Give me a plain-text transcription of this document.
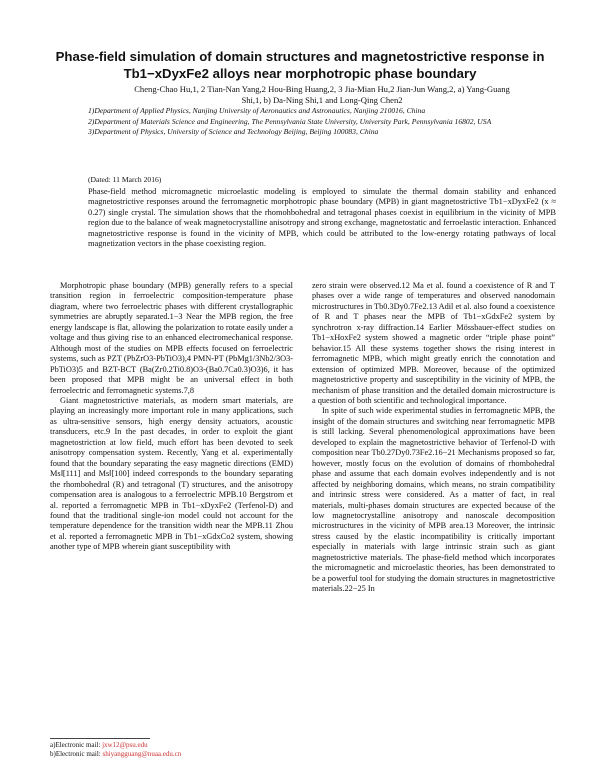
Phase-field simulation of domain structures and magnetostrictive response in
Tb1−xDyxFe2 alloys near morphotropic phase boundary
Cheng-Chao Hu,1, 2 Tian-Nan Yang,2 Hou-Bing Huang,2, 3 Jia-Mian Hu,2 Jian-Jun Wang,2, a) Yang-Guang
Shi,1, b) Da-Ning Shi,1 and Long-Qing Chen2
1)Department of Applied Physics, Nanjing University of Aeronautics and Astronautics, Nanjing 210016, China
2)Department of Materials Science and Engineering, The Pennsylvania State University, University Park, Pennsylvania 16802, USA
3)Department of Physics, University of Science and Technology Beijing, Beijing 100083, China
(Dated: 11 March 2016)
Phase-field method micromagnetic microelastic modeling is employed to simulate the thermal domain stability and enhanced magnetostrictive responses around the ferromagnetic morphotropic phase boundary (MPB) in giant magnetostrictive Tb1−xDyxFe2 (x ≈ 0.27) single crystal. The simulation shows that the rhomohbohedral and tetragonal phases coexist in equilibrium in the vicinity of MPB region due to the balance of weak magnetocrystalline anisotropy and strong exchange, magnetostatic and ferroelastic interaction. Enhanced magnetostrictive response is found in the vicinity of MPB, which could be attributed to the low-energy rotating pathways of local magnetization vectors in the phase coexisting region.

Morphotropic phase boundary (MPB) generally refers to a special transition region in ferroelectric composition-temperature phase diagram, where two ferroelectric phases with different crystallographic symmetries are abruptly separated.1−3 Near the MPB region, the free energy landscape is flat, allowing the polarization to rotate easily under a voltage and thus giving rise to an enhanced electromechanical response. Although most of the studies on MPB effects focused on ferroelectric systems, such as PZT (PbZrO3-PbTiO3),4 PMN-PT (PbMg1/3Nb2/3O3-PbTiO3)5 and BZT-BCT (Ba(Zr0.2Ti0.8)O3-(Ba0.7Ca0.3)O3)6, it has been proposed that MPB might be an universal effect in both ferroelectric and ferromagnetic systems.7,8

Giant magnetostrictive materials, as modern smart materials, are playing an increasingly more important role in many applications, such as ultra-sensitive sensors, high energy density actuators, acoustic transducers, etc.9 In the past decades, in order to exploit the giant magnetostriction at low field, much effort has been devoted to seek anisotropy compensation system. Recently, Yang et al. experimentally found that the boundary separating the easy magnetic directions (EMD) Ms‖[111] and Ms‖[100] indeed corresponds to the boundary separating the rhombohedral (R) and tetragonal (T) structures, and the anisotropy compensation area is analogous to a ferroelectric MPB.10 Bergstrom et al. reported a ferromagnetic MPB in Tb1−xDyxFe2 (Terfenol-D) and found that the traditional single-ion model could not account for the temperature dependence for the transition width near the MPB.11 Zhou et al. reported a ferromagnetic MPB in Tb1−xGdxCo2 system, showing another type of MPB wherein giant susceptibility with

zero strain were observed.12 Ma et al. found a coexistence of R and T phases over a wide range of temperatures and observed nanodomain microstructures in Tb0.3Dy0.7Fe2.13 Adil et al. also found a coexistence of R and T phases near the MPB of Tb1−xGdxFe2 system by synchrotron x-ray diffraction.14 Earlier Mössbauer-effect studies on Tb1−xHoxFe2 system showed a magnetic order “triple phase point” behavior.15 All these systems together shows the rising interest in ferromagnetic MPB, which might greatly enrich the connotation and extension of optimized MPB. Moreover, because of the optimized magnetostrictive property and susceptibility in the vicinity of MPB, the mechanism of phase transition and the detailed domain microstructure is a question of both scientific and technological importance.

In spite of such wide experimental studies in ferromagnetic MPB, the insight of the domain structures and switching near ferromagnetic MPB is still lacking. Several phenomenological approximations have been developed to explain the magnetostrictive behavior of Terfenol-D with composition near Tb0.27Dy0.73Fe2.16−21 Mechanisms proposed so far, however, mostly focus on the evolution of domains of rhombohedral phase and assume that each domain evolves independently and is not affected by neighboring domains, which means, no strain compatibility and intrinsic stress were considered. As a matter of fact, in real materials, multi-phases domain structures are expected because of the low magnetocrystalline anisotropy and nanoscale decomposition microstructures in the vicinity of MPB area.13 Moreover, the intrinsic stress caused by the elastic incompatibility is critically important especially in materials with large intrinsic strain such as giant magnetostrictive materials. The phase-field method which incorporates the micromagnetic and microelastic theories, has been demonstrated to be a powerful tool for studying the domain structures in magnetostrictive materials.22−25 In

a)Electronic mail: jxw12@psu.edu
b)Electronic mail: shiyangguang@nuaa.edu.cn
